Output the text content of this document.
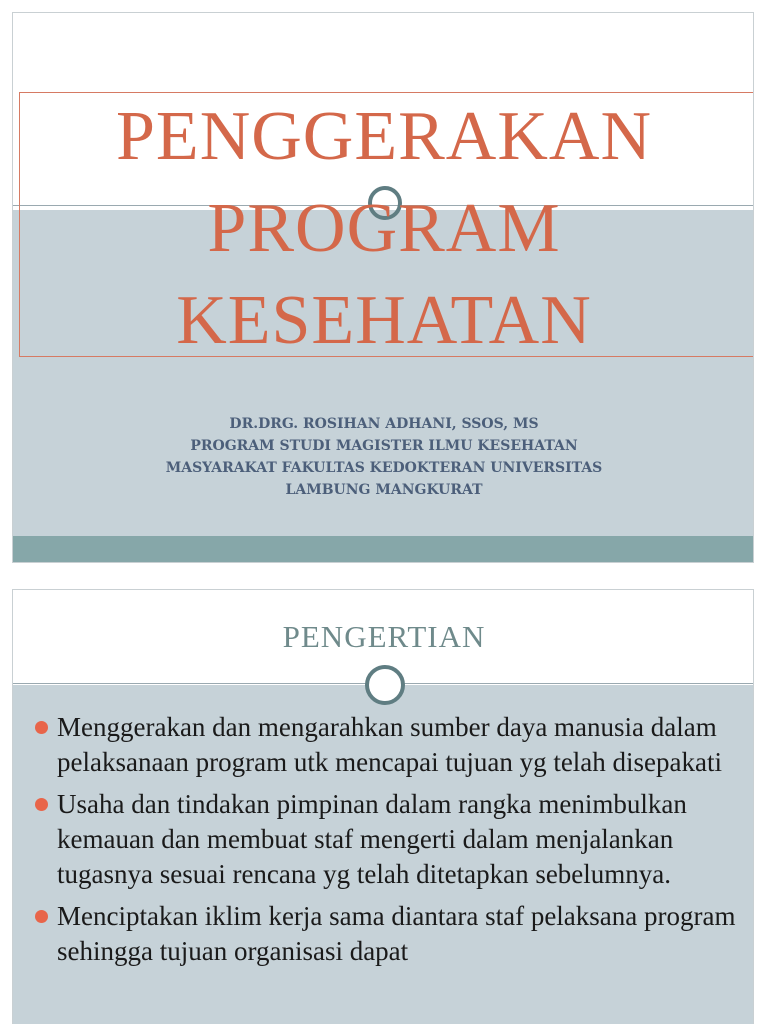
PENGGERAKAN
PROGRAM
KESEHATAN
DR.DRG. ROSIHAN ADHANI, SSOS, MS
PROGRAM STUDI MAGISTER ILMU KESEHATAN
MASYARAKAT FAKULTAS KEDOKTERAN UNIVERSITAS
LAMBUNG MANGKURAT
PENGERTIAN
Menggerakan dan mengarahkan sumber daya manusia dalam pelaksanaan program utk mencapai tujuan yg telah disepakati
Usaha dan tindakan pimpinan dalam rangka menimbulkan kemauan dan membuat staf mengerti dalam menjalankan tugasnya sesuai rencana yg telah ditetapkan sebelumnya.
Menciptakan iklim kerja sama diantara staf pelaksana program sehingga tujuan organisasi dapat
